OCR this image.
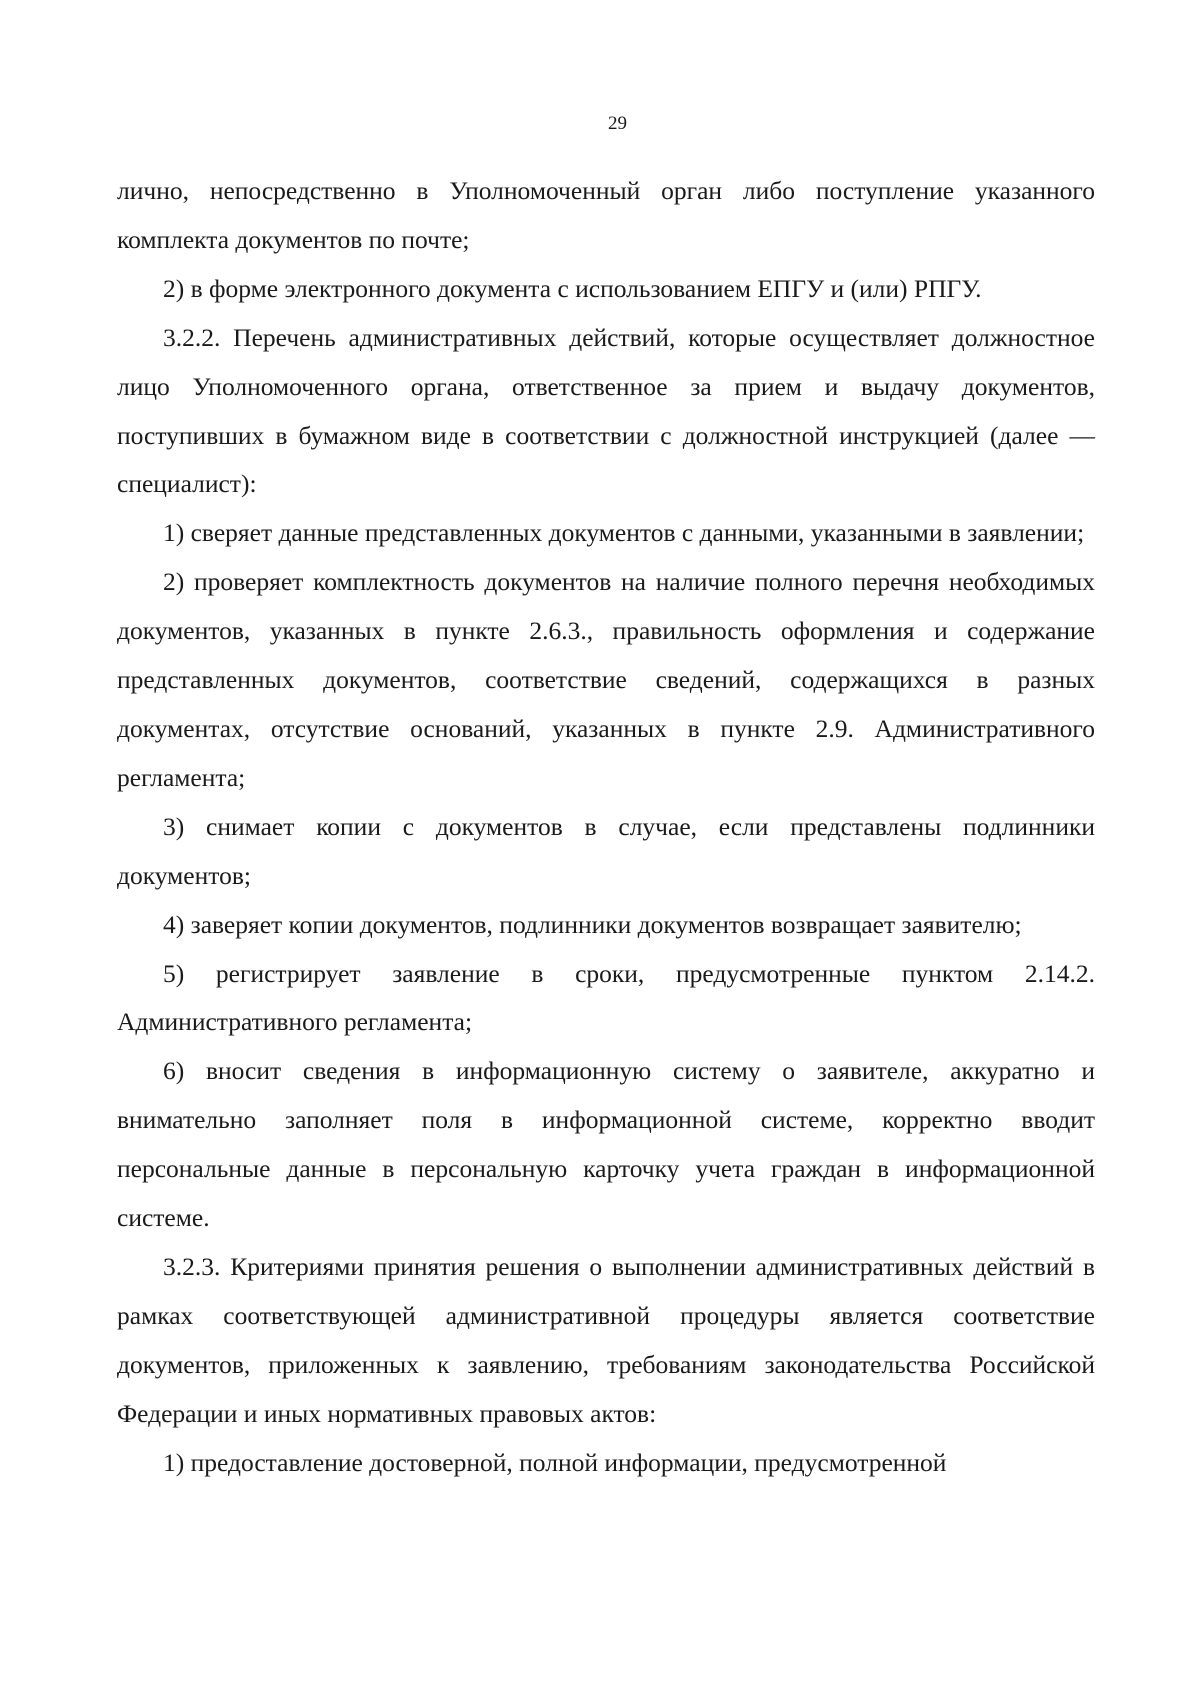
29

лично, непосредственно в Уполномоченный орган либо поступление указанного комплекта документов по почте;

2) в форме электронного документа с использованием ЕПГУ и (или) РПГУ.

3.2.2. Перечень административных действий, которые осуществляет должностное лицо Уполномоченного органа, ответственное за прием и выдачу документов, поступивших в бумажном виде в соответствии с должностной инструкцией (далее — специалист):

1) сверяет данные представленных документов с данными, указанными в заявлении;

2) проверяет комплектность документов на наличие полного перечня необходимых документов, указанных в пункте 2.6.3., правильность оформления и содержание представленных документов, соответствие сведений, содержащихся в разных документах, отсутствие оснований, указанных в пункте 2.9. Административного регламента;

3) снимает копии с документов в случае, если представлены подлинники документов;

4) заверяет копии документов, подлинники документов возвращает заявителю;

5) регистрирует заявление в сроки, предусмотренные пунктом 2.14.2. Административного регламента;

6) вносит сведения в информационную систему о заявителе, аккуратно и внимательно заполняет поля в информационной системе, корректно вводит персональные данные в персональную карточку учета граждан в информационной системе.

3.2.3. Критериями принятия решения о выполнении административных действий в рамках соответствующей административной процедуры является соответствие документов, приложенных к заявлению, требованиям законодательства Российской Федерации и иных нормативных правовых актов:

1) предоставление достоверной, полной информации, предусмотренной
